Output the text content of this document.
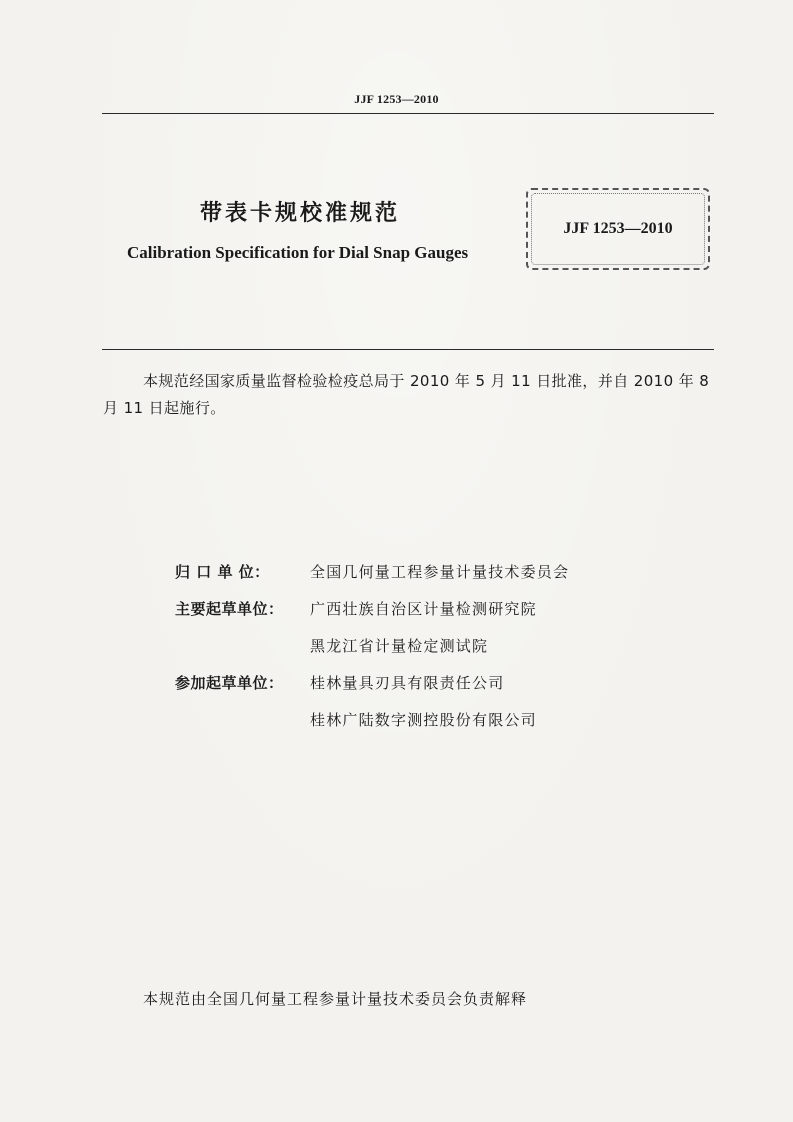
JJF 1253—2010
带表卡规校准规范
Calibration Specification for Dial Snap Gauges
JJF 1253—2010
本规范经国家质量监督检验检疫总局于 2010 年 5 月 11 日批准，并自 2010 年 8 月 11 日起施行。
归 口 单 位：	全国几何量工程参量计量技术委员会
主要起草单位：	广西壮族自治区计量检测研究院
黑龙江省计量检定测试院
参加起草单位：	桂林量具刃具有限责任公司
桂林广陆数字测控股份有限公司
本规范由全国几何量工程参量计量技术委员会负责解释
